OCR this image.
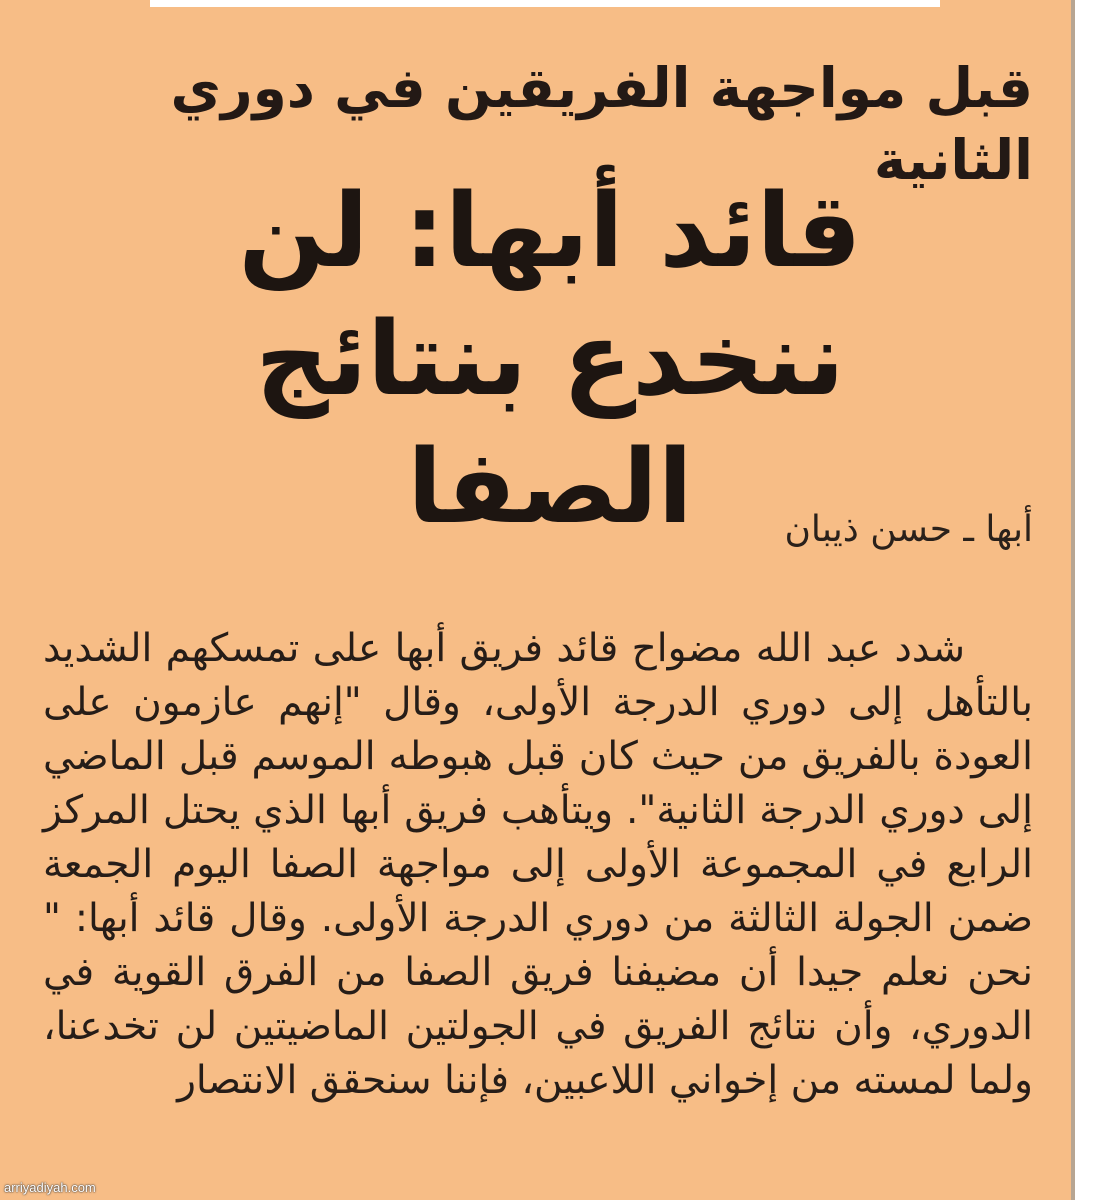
قبل مواجهة الفريقين في دوري الثانية
قائد أبها: لن ننخدع بنتائج الصفا	أبها ـ حسن ذيبان
شدد عبد الله مضواح قائد فريق أبها على تمسكهم الشديد بالتأهل إلى دوري الدرجة الأولى، وقال "إنهم عازمون على العودة بالفريق من حيث كان قبل هبوطه الموسم قبل الماضي إلى دوري الدرجة الثانية". ويتأهب فريق أبها الذي يحتل المركز الرابع في المجموعة الأولى إلى مواجهة الصفا اليوم الجمعة ضمن الجولة الثالثة من دوري الدرجة الأولى. وقال قائد أبها: " نحن نعلم جيدا أن مضيفنا فريق الصفا من الفرق القوية في الدوري، وأن نتائج الفريق في الجولتين الماضيتين لن تخدعنا، ولما لمسته من إخواني اللاعبين، فإننا سنحقق الانتصار
arriyadiyah.com
